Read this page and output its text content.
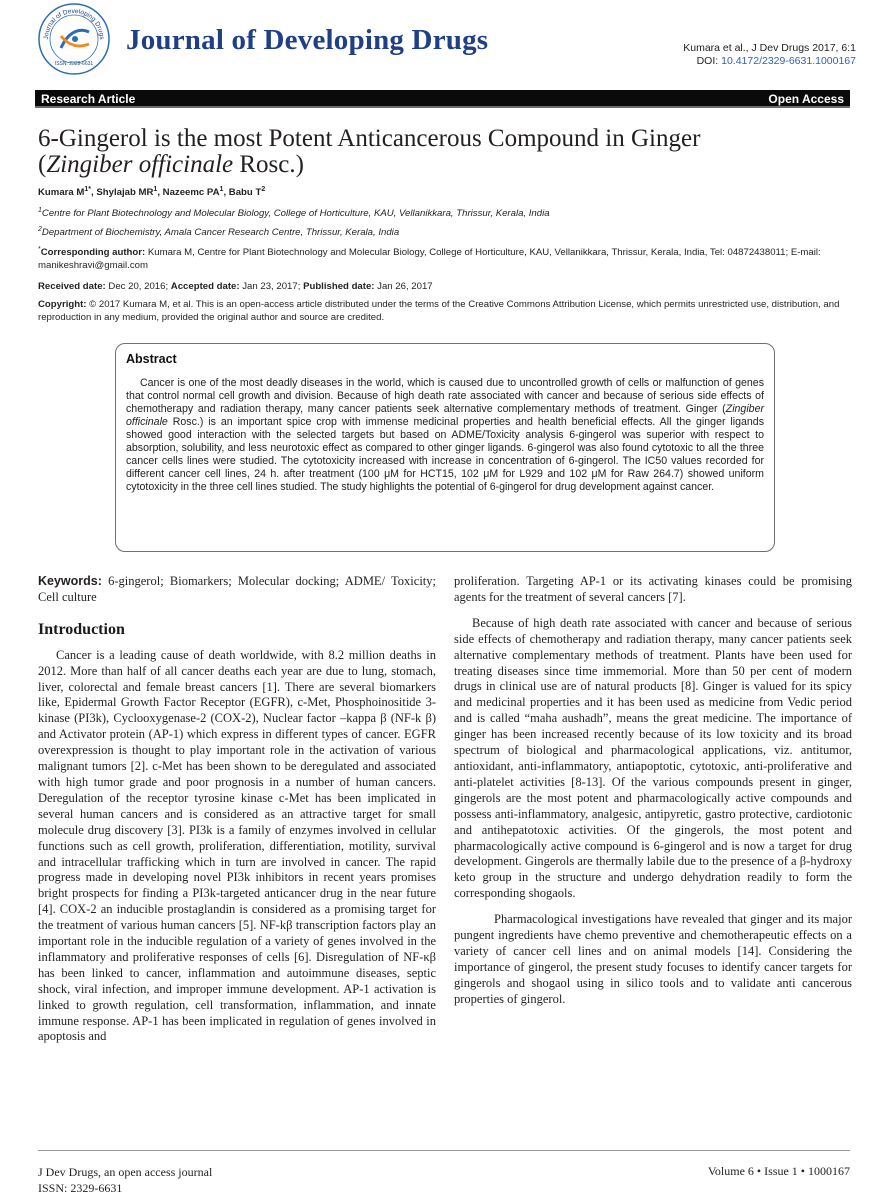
Journal of Developing Drugs
ISSN: 2329-6631
Journal of Developing Drugs	Kumara et al., J Dev Drugs 2017, 6:1
DOI: 10.4172/2329-6631.1000167
Research Article	Open Access
6-Gingerol is the most Potent Anticancerous Compound in Ginger
(Zingiber officinale Rosc.)
Kumara $M^{1*}$, Shylajab $MR^1$, Nazeemc $PA^1$, Babu $T^2$
$^1$Centre for Plant Biotechnology and Molecular Biology, College of Horticulture, KAU, Vellanikkara, Thrissur, Kerala, India
$^2$Department of Biochemistry, Amala Cancer Research Centre, Thrissur, Kerala, India
*Corresponding author: Kumara M, Centre for Plant Biotechnology and Molecular Biology, College of Horticulture, KAU, Vellanikkara, Thrissur, Kerala, India, Tel: 04872438011; E-mail: manikeshravi@gmail.com
Received date: Dec 20, 2016; Accepted date: Jan 23, 2017; Published date: Jan 26, 2017
Copyright: © 2017 Kumara M, et al. This is an open-access article distributed under the terms of the Creative Commons Attribution License, which permits unrestricted use, distribution, and reproduction in any medium, provided the original author and source are credited.
Abstract

Cancer is one of the most deadly diseases in the world, which is caused due to uncontrolled growth of cells or malfunction of genes that control normal cell growth and division. Because of high death rate associated with cancer and because of serious side effects of chemotherapy and radiation therapy, many cancer patients seek alternative complementary methods of treatment. Ginger (Zingiber officinale Rosc.) is an important spice crop with immense medicinal properties and health beneficial effects. All the ginger ligands showed good interaction with the selected targets but based on ADME/Toxicity analysis 6-gingerol was superior with respect to absorption, solubility, and less neurotoxic effect as compared to other ginger ligands. 6-gingerol was also found cytotoxic to all the three cancer cells lines were studied. The cytotoxicity increased with increase in concentration of 6-gingerol. The IC50 values recorded for different cancer cell lines, 24 h. after treatment (100 μM for HCT15, 102 μM for L929 and 102 μM for Raw 264.7) showed uniform cytotoxicity in the three cell lines studied. The study highlights the potential of 6-gingerol for drug development against cancer.

Keywords: 6-gingerol; Biomarkers; Molecular docking; ADME/ Toxicity; Cell culture

Introduction

Cancer is a leading cause of death worldwide, with 8.2 million deaths in 2012. More than half of all cancer deaths each year are due to lung, stomach, liver, colorectal and female breast cancers [1]. There are several biomarkers like, Epidermal Growth Factor Receptor (EGFR), c-Met, Phosphoinositide 3-kinase (PI3k), Cyclooxygenase-2 (COX-2), Nuclear factor –kappa β (NF-k β) and Activator protein (AP-1) which express in different types of cancer. EGFR overexpression is thought to play important role in the activation of various malignant tumors [2]. c-Met has been shown to be deregulated and associated with high tumor grade and poor prognosis in a number of human cancers. Deregulation of the receptor tyrosine kinase c-Met has been implicated in several human cancers and is considered as an attractive target for small molecule drug discovery [3]. PI3k is a family of enzymes involved in cellular functions such as cell growth, proliferation, differentiation, motility, survival and intracellular trafficking which in turn are involved in cancer. The rapid progress made in developing novel PI3k inhibitors in recent years promises bright prospects for finding a PI3k-targeted anticancer drug in the near future [4]. COX-2 an inducible prostaglandin is considered as a promising target for the treatment of various human cancers [5]. NF-kβ transcription factors play an important role in the inducible regulation of a variety of genes involved in the inflammatory and proliferative responses of cells [6]. Disregulation of NF-κβ has been linked to cancer, inflammation and autoimmune diseases, septic shock, viral infection, and improper immune development. AP-1 activation is linked to growth regulation, cell transformation, inflammation, and innate immune response. AP-1 has been implicated in regulation of genes involved in apoptosis and

proliferation. Targeting AP-1 or its activating kinases could be promising agents for the treatment of several cancers [7].

Because of high death rate associated with cancer and because of serious side effects of chemotherapy and radiation therapy, many cancer patients seek alternative complementary methods of treatment. Plants have been used for treating diseases since time immemorial. More than 50 per cent of modern drugs in clinical use are of natural products [8]. Ginger is valued for its spicy and medicinal properties and it has been used as medicine from Vedic period and is called “maha aushadh”, means the great medicine. The importance of ginger has been increased recently because of its low toxicity and its broad spectrum of biological and pharmacological applications, viz. antitumor, antioxidant, anti-inflammatory, antiapoptotic, cytotoxic, anti-proliferative and anti-platelet activities [8-13]. Of the various compounds present in ginger, gingerols are the most potent and pharmacologically active compounds and possess anti-inflammatory, analgesic, antipyretic, gastro protective, cardiotonic and antihepatotoxic activities. Of the gingerols, the most potent and pharmacologically active compound is 6-gingerol and is now a target for drug development. Gingerols are thermally labile due to the presence of a β-hydroxy keto group in the structure and undergo dehydration readily to form the corresponding shogaols.

Pharmacological investigations have revealed that ginger and its major pungent ingredients have chemo preventive and chemotherapeutic effects on a variety of cancer cell lines and on animal models [14]. Considering the importance of gingerol, the present study focuses to identify cancer targets for gingerols and shogaol using in silico tools and to validate anti cancerous properties of gingerol.

J Dev Drugs, an open access journal
ISSN: 2329-6631
Volume 6 • Issue 1 • 1000167
